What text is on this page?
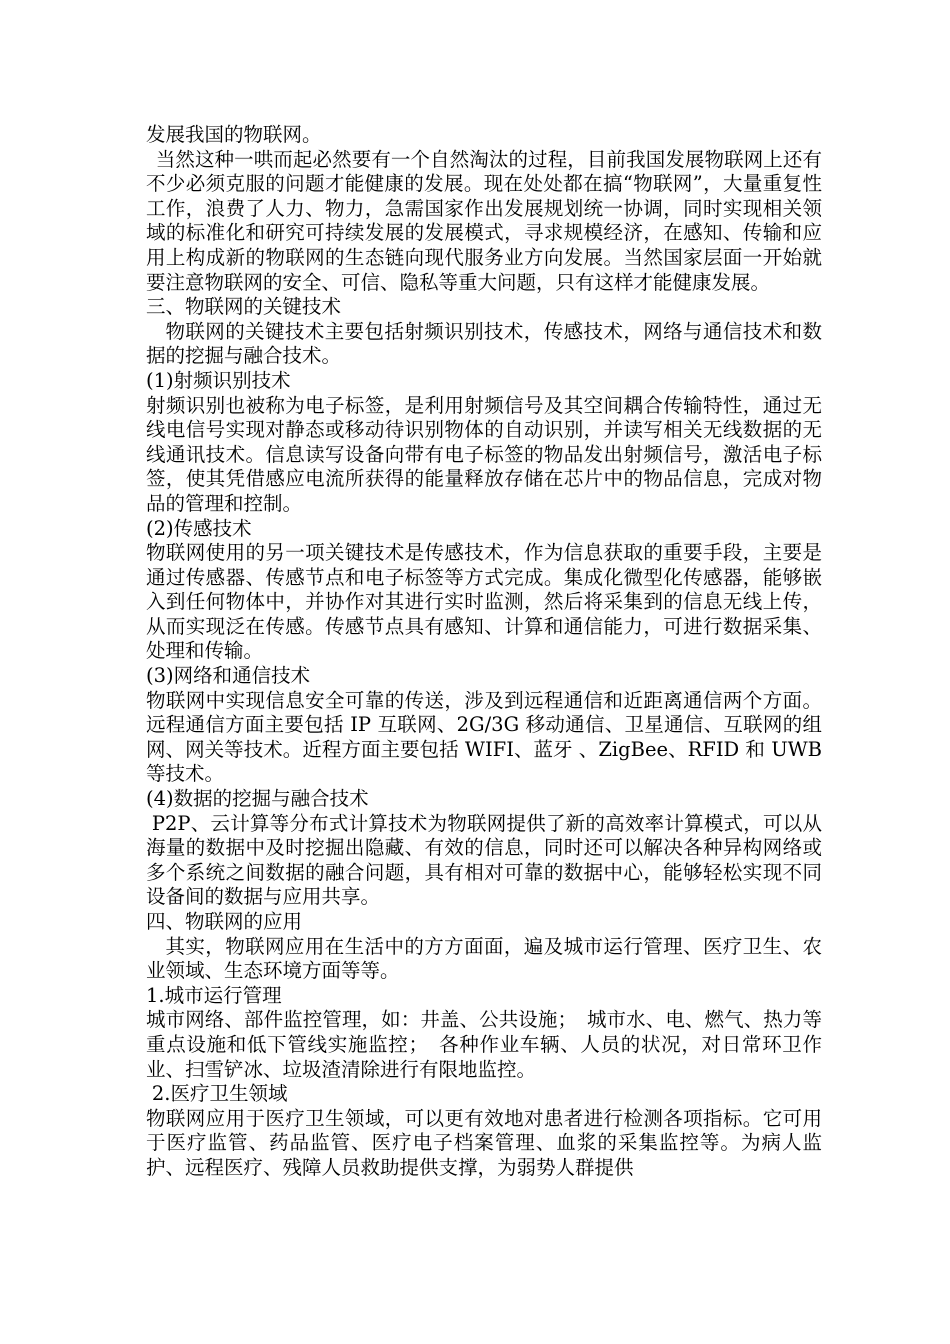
发展我国的物联网。

当然这种一哄而起必然要有一个自然淘汰的过程，目前我国发展物联网上还有不少必须克服的问题才能健康的发展。现在处处都在搞“物联网”，大量重复性工作，浪费了人力、物力，急需国家作出发展规划统一协调，同时实现相关领域的标准化和研究可持续发展的发展模式，寻求规模经济，在感知、传输和应用上构成新的物联网的生态链向现代服务业方向发展。当然国家层面一开始就要注意物联网的安全、可信、隐私等重大问题，只有这样才能健康发展。

三、物联网的关键技术

物联网的关键技术主要包括射频识别技术，传感技术，网络与通信技术和数据的挖掘与融合技术。

(1)射频识别技术

射频识别也被称为电子标签，是利用射频信号及其空间耦合传输特性，通过无线电信号实现对静态或移动待识别物体的自动识别，并读写相关无线数据的无线通讯技术。信息读写设备向带有电子标签的物品发出射频信号，激活电子标签，使其凭借感应电流所获得的能量释放存储在芯片中的物品信息，完成对物品的管理和控制。

(2)传感技术

物联网使用的另一项关键技术是传感技术，作为信息获取的重要手段，主要是通过传感器、传感节点和电子标签等方式完成。集成化微型化传感器，能够嵌入到任何物体中，并协作对其进行实时监测，然后将采集到的信息无线上传，从而实现泛在传感。传感节点具有感知、计算和通信能力，可进行数据采集、处理和传输。

(3)网络和通信技术

物联网中实现信息安全可靠的传送，涉及到远程通信和近距离通信两个方面。远程通信方面主要包括 IP 互联网、2G/3G 移动通信、卫星通信、互联网的组网、网关等技术。近程方面主要包括 WIFI、蓝牙 、ZigBee、RFID 和 UWB 等技术。

(4)数据的挖掘与融合技术

P2P、云计算等分布式计算技术为物联网提供了新的高效率计算模式，可以从海量的数据中及时挖掘出隐藏、有效的信息，同时还可以解决各种异构网络或多个系统之间数据的融合问题，具有相对可靠的数据中心，能够轻松实现不同设备间的数据与应用共享。

四、物联网的应用

其实，物联网应用在生活中的方方面面，遍及城市运行管理、医疗卫生、农业领域、生态环境方面等等。

1.城市运行管理

城市网络、部件监控管理，如：井盖、公共设施；　城市水、电、燃气、热力等重点设施和低下管线实施监控；　各种作业车辆、人员的状况，对日常环卫作业、扫雪铲冰、垃圾渣清除进行有限地监控。

2.医疗卫生领域

物联网应用于医疗卫生领域，可以更有效地对患者进行检测各项指标。它可用于医疗监管、药品监管、医疗电子档案管理、血浆的采集监控等。为病人监护、远程医疗、残障人员救助提供支撑，为弱势人群提供
